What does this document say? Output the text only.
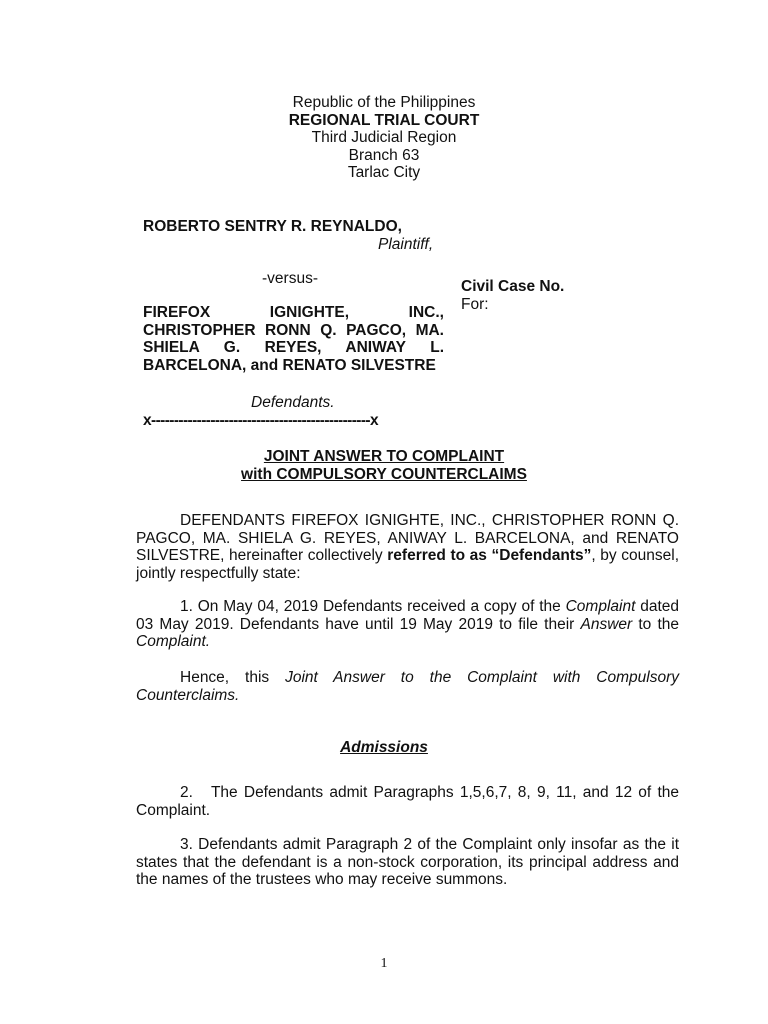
Republic of the Philippines
REGIONAL TRIAL COURT
Third Judicial Region
Branch 63
Tarlac City
ROBERTO SENTRY R. REYNALDO,
Plaintiff,
-versus-	Civil Case No.
For:
FIREFOX IGNIGHTE, INC., CHRISTOPHER RONN Q. PAGCO, MA. SHIELA G. REYES, ANIWAY L. BARCELONA, and RENATO SILVESTRE
Defendants.
x------------------------------------------------x
JOINT ANSWER TO COMPLAINT
with COMPULSORY COUNTERCLAIMS
DEFENDANTS FIREFOX IGNIGHTE, INC., CHRISTOPHER RONN Q. PAGCO, MA. SHIELA G. REYES, ANIWAY L. BARCELONA, and RENATO SILVESTRE, hereinafter collectively referred to as “Defendants”, by counsel, jointly respectfully state:
1. On May 04, 2019 Defendants received a copy of the Complaint dated 03 May 2019. Defendants have until 19 May 2019 to file their Answer to the Complaint.
Hence, this Joint Answer to the Complaint with Compulsory Counterclaims.
Admissions
2. The Defendants admit Paragraphs 1,5,6,7, 8, 9, 11, and 12 of the Complaint.
3. Defendants admit Paragraph 2 of the Complaint only insofar as the it states that the defendant is a non-stock corporation, its principal address and the names of the trustees who may receive summons.
1
